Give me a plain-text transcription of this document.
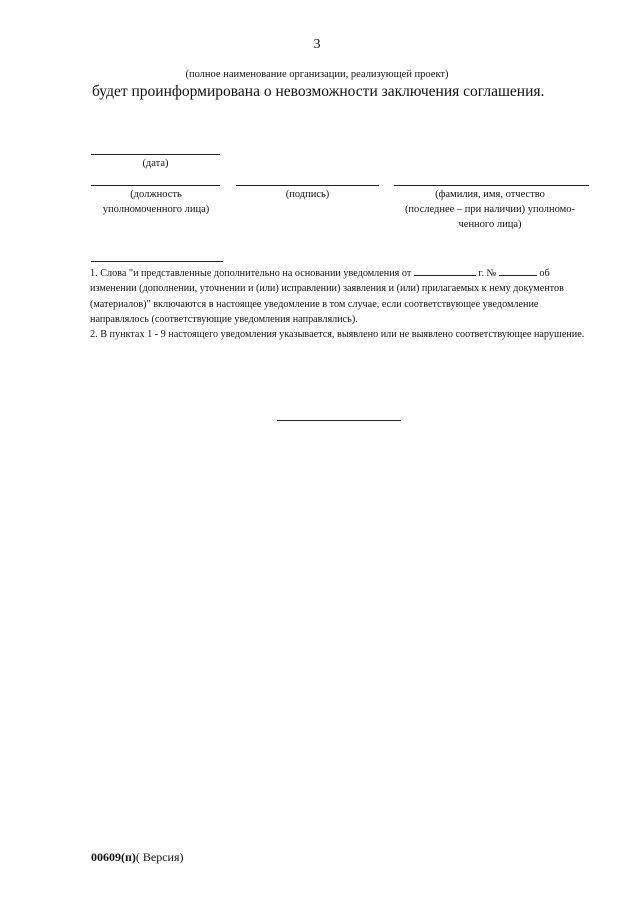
3
(полное наименование организации, реализующей проект)
будет проинформирована о невозможности заключения соглашения.
(дата)
(должность
уполномоченного лица)
(подпись)	(фамилия, имя, отчество
(последнее – при наличии) уполномо-
ченного лица)

1. Слова "и представленные дополнительно на основании уведомления от	г. №	об изменении (дополнении, уточнении и (или) исправлении) заявления и (или) прилагаемых к нему документов (материалов)" включаются в настоящее уведомление в том случае, если соответствующее уведомление направлялось (соответствующие уведомления направлялись).

2. В пунктах 1 - 9 настоящего уведомления указывается, выявлено или не выявлено соответствующее нарушение.

00609(п)( Версия)
